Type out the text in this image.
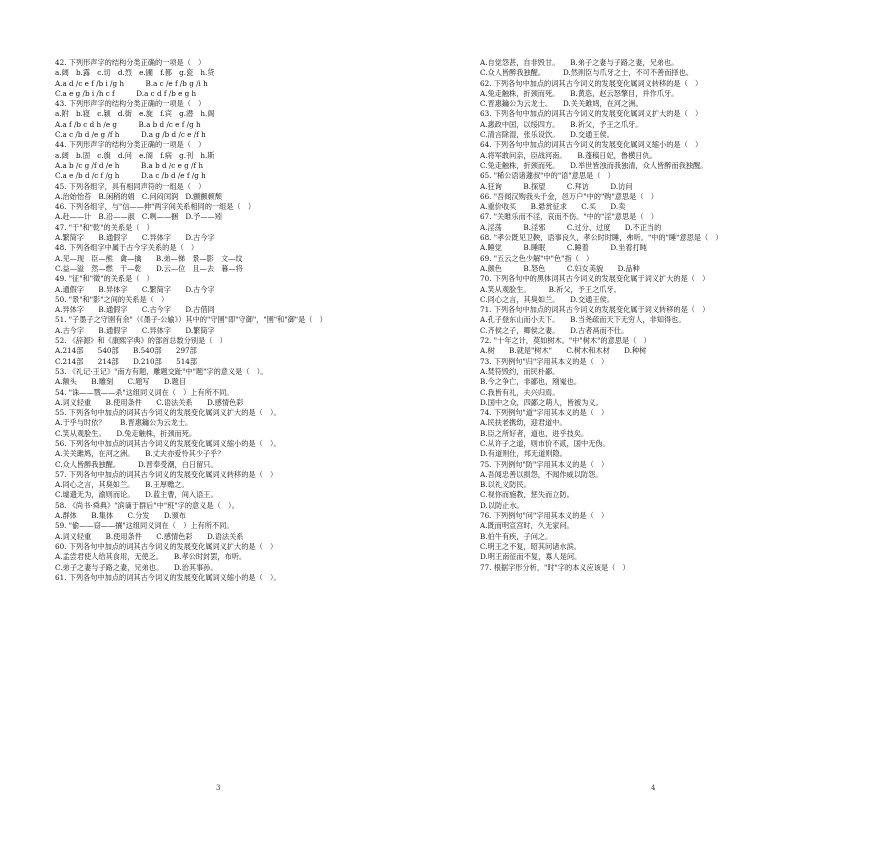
42. 下列形声字的结构分类正确的一项是（　）
a.阔　b.露　c.切　d.烈　e.圃　f.都　g.瓷　h.贷
A.a d /c e f /b i /g h　　　B.a c /e f /b g /i h
C.a e g /b i /h c f　　　D.a c d f /b e g h
43. 下列形声字的结构分类正确的一项是（　）
a.附　b.寝　c.颖　d.街　e.旋　f.宾　g.潜　h.阁
A.a f /b c d h /e g　　　B.a b d /c e f /g h
C.a c /b d /e g /f h　　　D.a g /b d /c e /f h
44. 下列形声字的结构分类正确的一项是（　）
a.阔　b.固　c.旗　d.问　e.阁　f.病　g.刊　h.斯
A.a b /c g /f d /e h　　　B.a b d /c e g /f h
C.a e /b d /c f /g h　　　D.a c /b d /e f /g h
45. 下列各组字，具有相同声符的一组是（　）
A.治始怡苔　B.闲稍的娟　C.问闷闰润　D.颤颤顿颓
46. 下列各组字，与"信——伸"两字间关系相同的一组是（　）
A.赴——计　B.沿——淑　C.咧——捆　D.予——矧
47. "干"和"乾"的关系是（　）
A.繁简字　　B.通假字　　C.异体字　　D.古今字
48. 下列各组字中属于古今字关系的是（　）
A.见—现　臣—熊　禽—擒　　B.弟—悌　景—影　文—纹
C.益—溢　然—燃　干—乾　　D.云—位　且—去　暮—将
49. "征"和"徵"的关系是（　）
A.通假字　　B.异体字　　C.繁简字　　D.古今字
50. "景"和"影"之间的关系是（　）
A.异体字　　B.通假字　　C.古今字　　D.古借同
51. "子墨子之守圉有余"（《墨子·公输》）其中的"守圉"即"守御"，"圉"和"御"是（　）
A.古今字　　B.通假字　　C.异体字　　D.繁简字
52. 《辞源》和《康熙字典》的部首总数分别是（　）
A.214部　　540部　　B.540部　　297部
C.214部　　214部　　D.210部　　514部
53. 《礼记·王记》"南方有题，雕题交趾"中"题"字的意义是（　）。
A.额头　　B.雕刻　　C.题写　　D.题目
54. "诛——戮——杀"这组同义词在（　）上有所不同。
A.词义轻重　　B.使用条件　　C.语法关系　　D.感情色彩
55. 下列各句中加点的词其古今词义的发展变化属词义扩大的是（　）。
A.于乎与时依？　　B.晋惠鑰公为云龙士。
C.笑从观脸生。　　D.兔走触株，折颈而死。
56. 下列各句中加点的词其古今词义的发展变化属词义缩小的是（　）。
A.关关雎鸠，在河之洲。　　B.丈夫亦爱怜其少子乎？
C.众人皆醉我独醒。　　　D.晋奉受潮，白日留只。
57. 下列各句中加点的词其古今词义的发展变化属词义转移的是（　）
A.同心之言，其臭如兰。　　B.王厚赡之。
C.墟遗无为，渝则而论。　　D.蓝主曹，间入语王。
58. 《尚书·舜典》"滨谪于群后"中"班"字的意义是（　）。
A.群体　　B.集体　　C.分发　　D.颁布
59. "偷——窃——攘"这组同义词在（　）上有所不同。
A.词义轻重　　B.使用条件　　C.感情色彩　　D.语法关系
60. 下列各句中加点的词其古今词义的发展变化属词义扩大的是（　）
A.孟尝君使人给其食用，无使乏。　　B.孝公时封罢，布听。
C.弟子之妻与子路之妻，兄弟也。　　D.治其事孙。
61. 下列各句中加点的词其古今词义的发展变化属词义缩小的是（　）。
A.自觉怨甚，自非毁甘。　　B.弟子之妻与子路之妻，兄弟也。
C.众人皆醉我独醒。　　　D.然则臣与爪牙之士，不可不善而择也。
62. 下列各句中加点的词其古今词义的发展变化属词义转移的是（　）
A.兔走触株，折颈而死。　　B.黄恣，赵云怒擎目，并作爪牙。
C.晋惠鑰公为云龙士。　　D.关关雎鸠，在河之洲。
63. 下列各句中加点的词其古今词义的发展变化属词义扩大的是（　）
A.惠政中国，以绥四方。　　B.祈父，予王之爪牙。
C.清言除湿，张乐设饮。　　D.交通王侯。
64. 下列各句中加点的词其古今词义的发展变化属词义缩小的是（　）
A.将军敢问亲，臣战河南。　　B.蓬稿日妃，鲁横日仇。
C.兔走触株，折颈而死。　　D.举世皆浊而我独清，众人皆醉而我独醒。
65. "稀公语诸蘧叔"中的"语"意思是（　）
A.狂询　　　B.探望　　　C.拜访　　　D.访问
66. "吾闻汉购我头千金，邑万户"中的"购"意思是（　）
A.重价收买　　B.悬赏征求　　C.买　　D.卖
67. "关睢乐而不淫，哀而不伤。"中的"淫"意思是（　）
A.淫荡　　　B.淫邪　　　C.过分、过度　　D.不正当的
68. "孝公既见卫鞅，语事良久，孝公时时睡，弗听。"中的"睡"意思是（　）
A.睡觉　　　B.睡眠　　　C.睡着　　　D.坐着打盹
69. "五云之色少解"中"色"指（　）
A.颜色　　　B.怒色　　　C.妇女美貌　　D.品种
70. 下列各句中的黑体词其古今词义的发展变化属于词义扩大的是（　）
A.笑从观脸生。　　　B.祈父，予王之爪牙。
C.同心之言，其臭如兰。　　D.交通王侯。
71. 下列各句中加点的词其古今词义的发展变化属于词义转移的是（　）
A.孔子登东山而小天下。　　B.当尧疏而天下无穷人，非知得也。
C.齐侯之子，卿侯之妻。　　D.古者鬲而不仕。
72. "十年之计，莫如树木。"中"树木"的意思是（　）
A.树　　B.就是"树木"　　C.树木和木材　　D.种树
73. 下列例句"归"字用其本义的是（　）
A.焚符毁约，而民朴鄙。
B.今之争亡，非鄙也，刚嵬也。
C.我皆有礼，夫兴归焉。
D.国中之众，四鄙之萌人，皆被为义。
74. 下列例句"道"字用其本义的是（　）
A.民扶老携幼，迎君道中。
B.臣之所好者，道也，进乎技矣。
C.从许子之道，则市价不贰，国中无伪。
D.有道则仕，邦无道则隐。
75. 下列例句"防"字用其本义的是（　）
A.吾闻忠善以损怨，不闻作威以防怨。
B.以礼义防民。
C.视你而施教，惩失而立防。
D.以防止水。
76. 下列例句"问"字用其本义的是（　）
A.既而明宣宫时，久无家问。
B.伯牛有疾，子问之。
C.明王之不复，昭其问诸水滨。
D.明王南征而不复，寡人是问。
77. 根据字形分析，"时"字的本义应该是（　）
3	4
